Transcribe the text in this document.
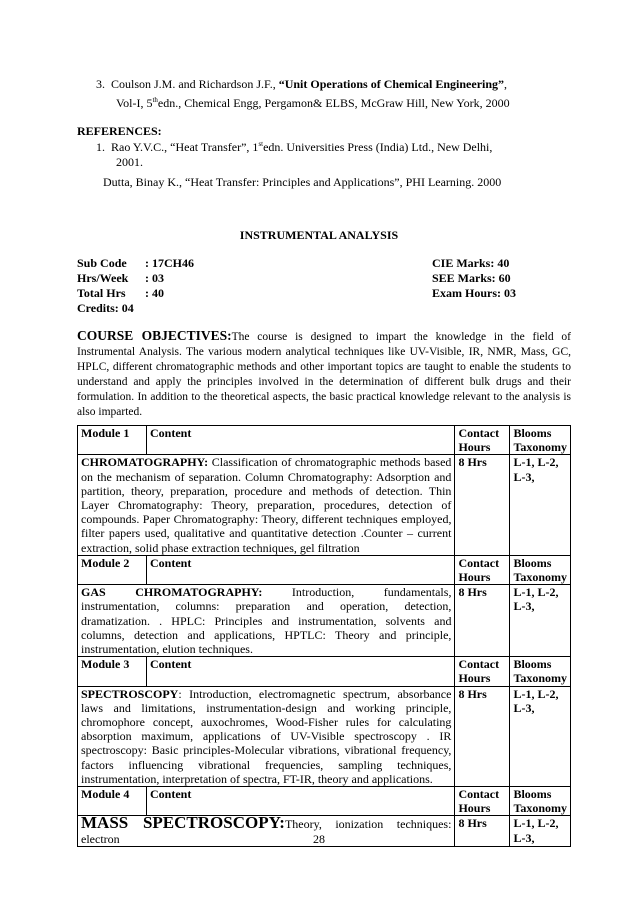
3. Coulson J.M. and Richardson J.F., “Unit Operations of Chemical Engineering”,
Vol-I, 5thedn., Chemical Engg, Pergamon& ELBS, McGraw Hill, New York, 2000
REFERENCES:
1. Rao Y.V.C., “Heat Transfer”, 1stedn. Universities Press (India) Ltd., New Delhi,
2001.
Dutta, Binay K., “Heat Transfer: Principles and Applications”, PHI Learning. 2000
INSTRUMENTAL ANALYSIS
Sub Code : 17CH46
Hrs/Week : 03
Total Hrs : 40
Credits: 04
CIE Marks: 40
SEE Marks: 60
Exam Hours: 03
COURSE OBJECTIVES:The course is designed to impart the knowledge in the field of Instrumental Analysis. The various modern analytical techniques like UV-Visible, IR, NMR, Mass, GC, HPLC, different chromatographic methods and other important topics are taught to enable the students to understand and apply the principles involved in the determination of different bulk drugs and their formulation. In addition to the theoretical aspects, the basic practical knowledge relevant to the analysis is also imparted.
Module 1	Content	Contact Hours	Blooms Taxonomy
CHROMATOGRAPHY: Classification of chromatographic methods based on the mechanism of separation. Column Chromatography: Adsorption and partition, theory, preparation, procedure and methods of detection. Thin Layer Chromatography: Theory, preparation, procedures, detection of compounds. Paper Chromatography: Theory, different techniques employed, filter papers used, qualitative and quantitative detection .Counter – current extraction, solid phase extraction techniques, gel filtration		8 Hrs	L-1, L-2, L-3,
Module 2	Content	Contact Hours	Blooms Taxonomy
GAS CHROMATOGRAPHY: Introduction, fundamentals, instrumentation, columns: preparation and operation, detection, dramatization. . HPLC: Principles and instrumentation, solvents and columns, detection and applications, HPTLC: Theory and principle, instrumentation, elution techniques.		8 Hrs	L-1, L-2, L-3,
Module 3	Content	Contact Hours	Blooms Taxonomy
SPECTROSCOPY: Introduction, electromagnetic spectrum, absorbance laws and limitations, instrumentation-design and working principle, chromophore concept, auxochromes, Wood-Fisher rules for calculating absorption maximum, applications of UV-Visible spectroscopy . IR spectroscopy: Basic principles-Molecular vibrations, vibrational frequency, factors influencing vibrational frequencies, sampling techniques, instrumentation, interpretation of spectra, FT-IR, theory and applications.		8 Hrs	L-1, L-2, L-3,
Module 4	Content	Contact Hours	Blooms Taxonomy
MASS SPECTROSCOPY:Theory, ionization techniques: electron		8 Hrs	L-1, L-2, L-3,
28
